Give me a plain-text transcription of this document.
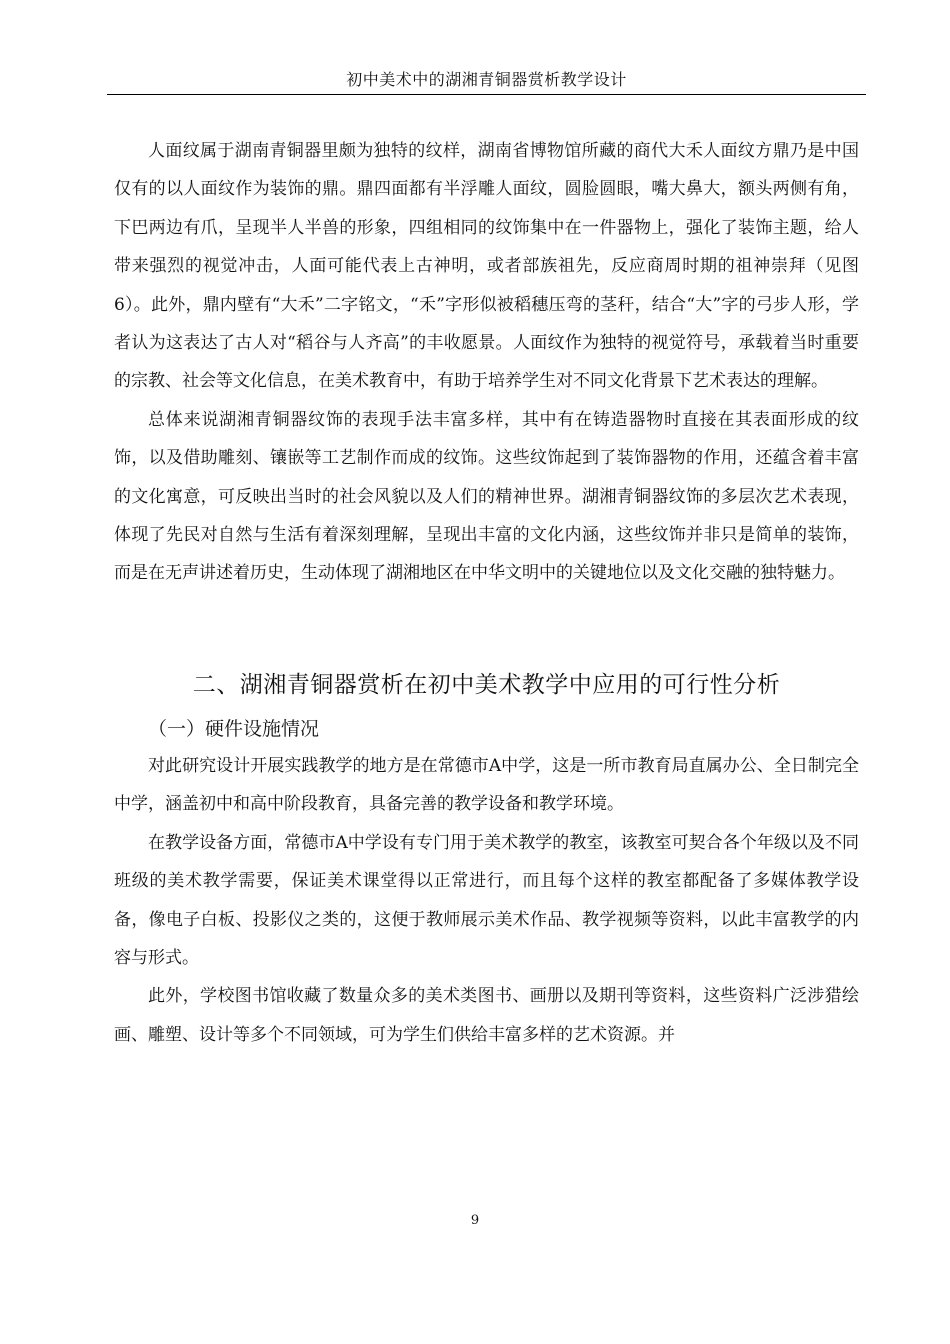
初中美术中的湖湘青铜器赏析教学设计

人面纹属于湖南青铜器里颇为独特的纹样，湖南省博物馆所藏的商代大禾人面纹方鼎乃是中国仅有的以人面纹作为装饰的鼎。鼎四面都有半浮雕人面纹，圆脸圆眼，嘴大鼻大，额头两侧有角，下巴两边有爪，呈现半人半兽的形象，四组相同的纹饰集中在一件器物上，强化了装饰主题，给人带来强烈的视觉冲击，人面可能代表上古神明，或者部族祖先，反应商周时期的祖神崇拜（见图6）。此外，鼎内壁有“大禾”二字铭文，“禾”字形似被稻穗压弯的茎秆，结合“大”字的弓步人形，学者认为这表达了古人对“稻谷与人齐高”的丰收愿景。人面纹作为独特的视觉符号，承载着当时重要的宗教、社会等文化信息，在美术教育中，有助于培养学生对不同文化背景下艺术表达的理解。

总体来说湖湘青铜器纹饰的表现手法丰富多样，其中有在铸造器物时直接在其表面形成的纹饰，以及借助雕刻、镶嵌等工艺制作而成的纹饰。这些纹饰起到了装饰器物的作用，还蕴含着丰富的文化寓意，可反映出当时的社会风貌以及人们的精神世界。湖湘青铜器纹饰的多层次艺术表现，体现了先民对自然与生活有着深刻理解，呈现出丰富的文化内涵，这些纹饰并非只是简单的装饰，而是在无声讲述着历史，生动体现了湖湘地区在中华文明中的关键地位以及文化交融的独特魅力。

二、湖湘青铜器赏析在初中美术教学中应用的可行性分析
（一）硬件设施情况

对此研究设计开展实践教学的地方是在常德市A中学，这是一所市教育局直属办公、全日制完全中学，涵盖初中和高中阶段教育，具备完善的教学设备和教学环境。

在教学设备方面，常德市A中学设有专门用于美术教学的教室，该教室可契合各个年级以及不同班级的美术教学需要，保证美术课堂得以正常进行，而且每个这样的教室都配备了多媒体教学设备，像电子白板、投影仪之类的，这便于教师展示美术作品、教学视频等资料，以此丰富教学的内容与形式。

此外，学校图书馆收藏了数量众多的美术类图书、画册以及期刊等资料，这些资料广泛涉猎绘画、雕塑、设计等多个不同领域，可为学生们供给丰富多样的艺术资源。并

9
